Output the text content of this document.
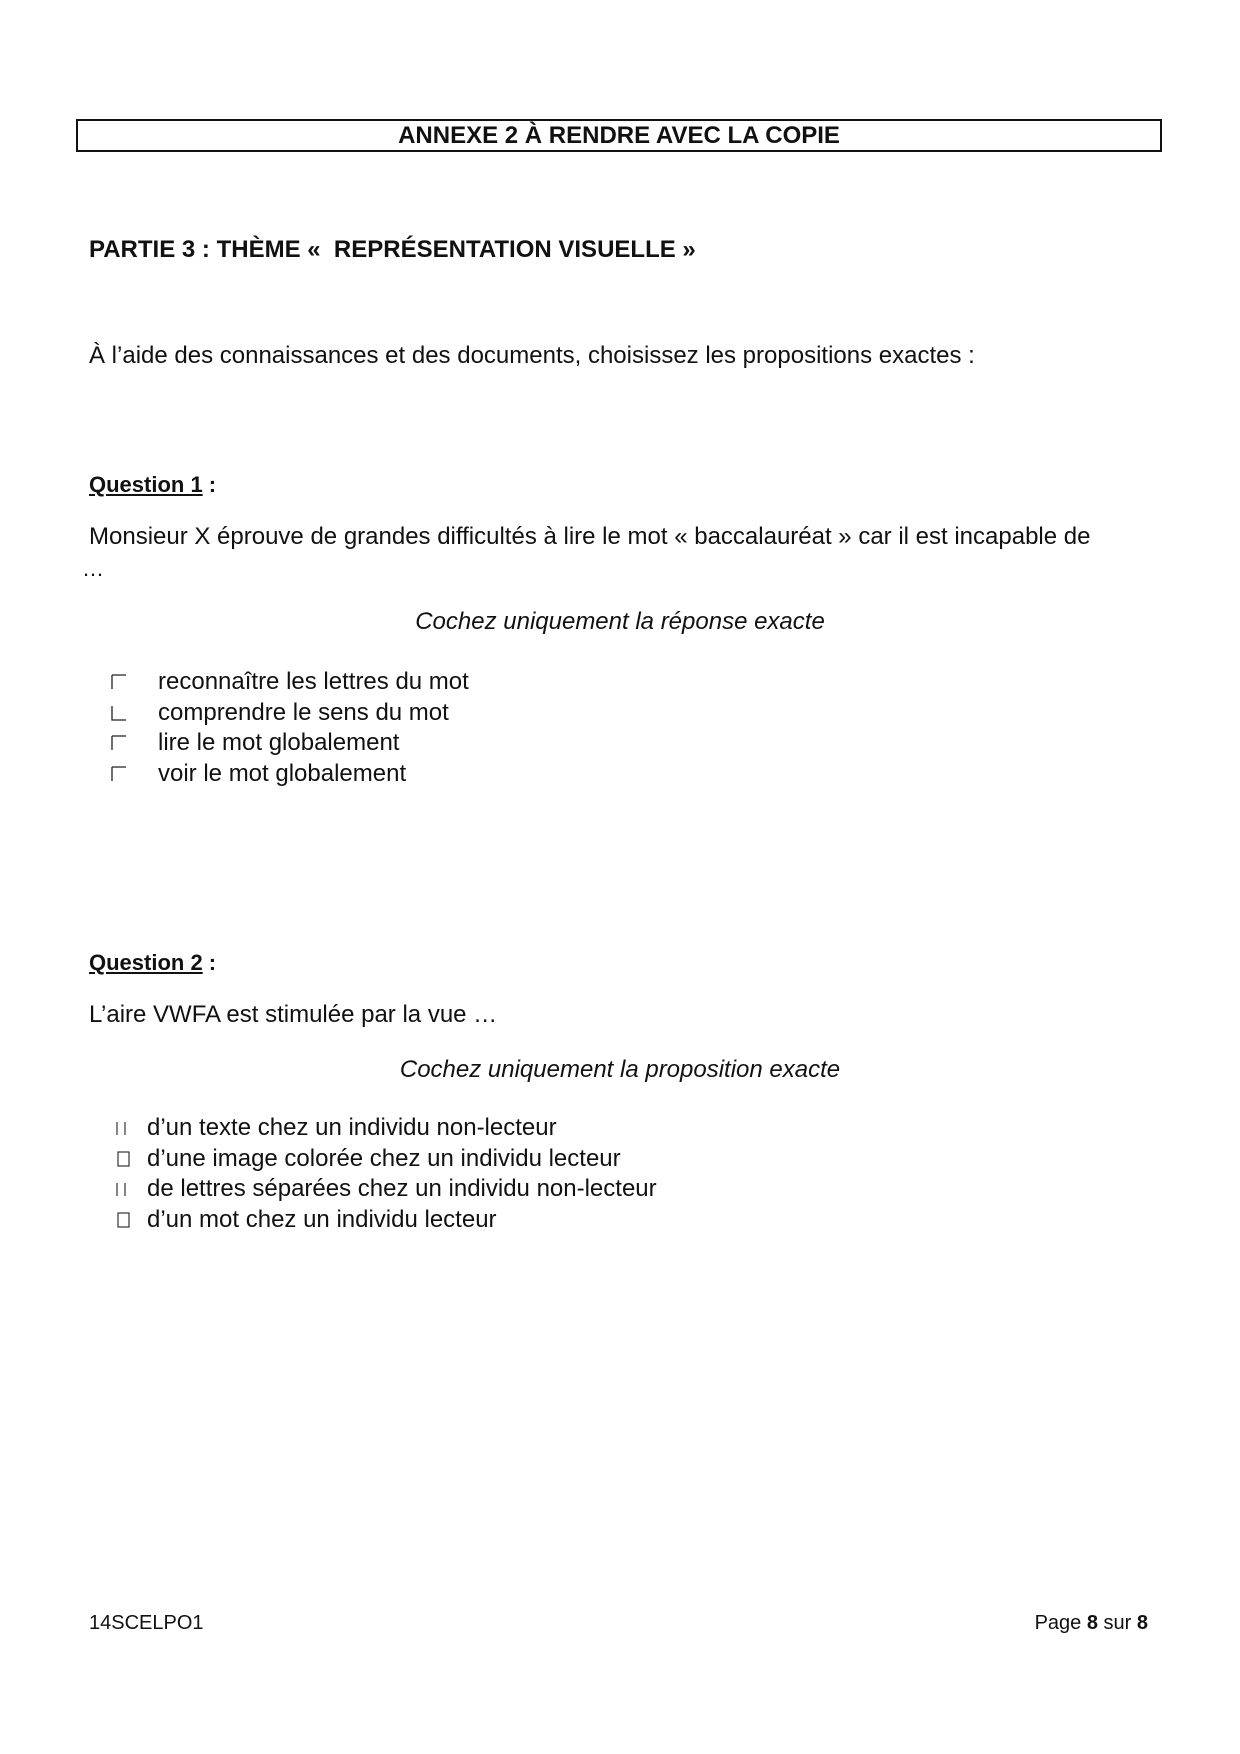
ANNEXE 2 À RENDRE AVEC LA COPIE
PARTIE 3 : THÈME «  REPRÉSENTATION VISUELLE »
À l’aide des connaissances et des documents, choisissez les propositions exactes :
Question 1 :
Monsieur X éprouve de grandes difficultés à lire le mot « baccalauréat » car il est incapable de
…
Cochez uniquement la réponse exacte
reconnaître les lettres du mot
comprendre le sens du mot
lire le mot globalement
voir le mot globalement
Question 2 :
L’aire VWFA est stimulée par la vue …
Cochez uniquement la proposition exacte
d’un texte chez un individu non-lecteur
d’une image colorée chez un individu lecteur
de lettres séparées chez un individu non-lecteur
d’un mot chez un individu lecteur
14SCELPO1	Page 8 sur 8
